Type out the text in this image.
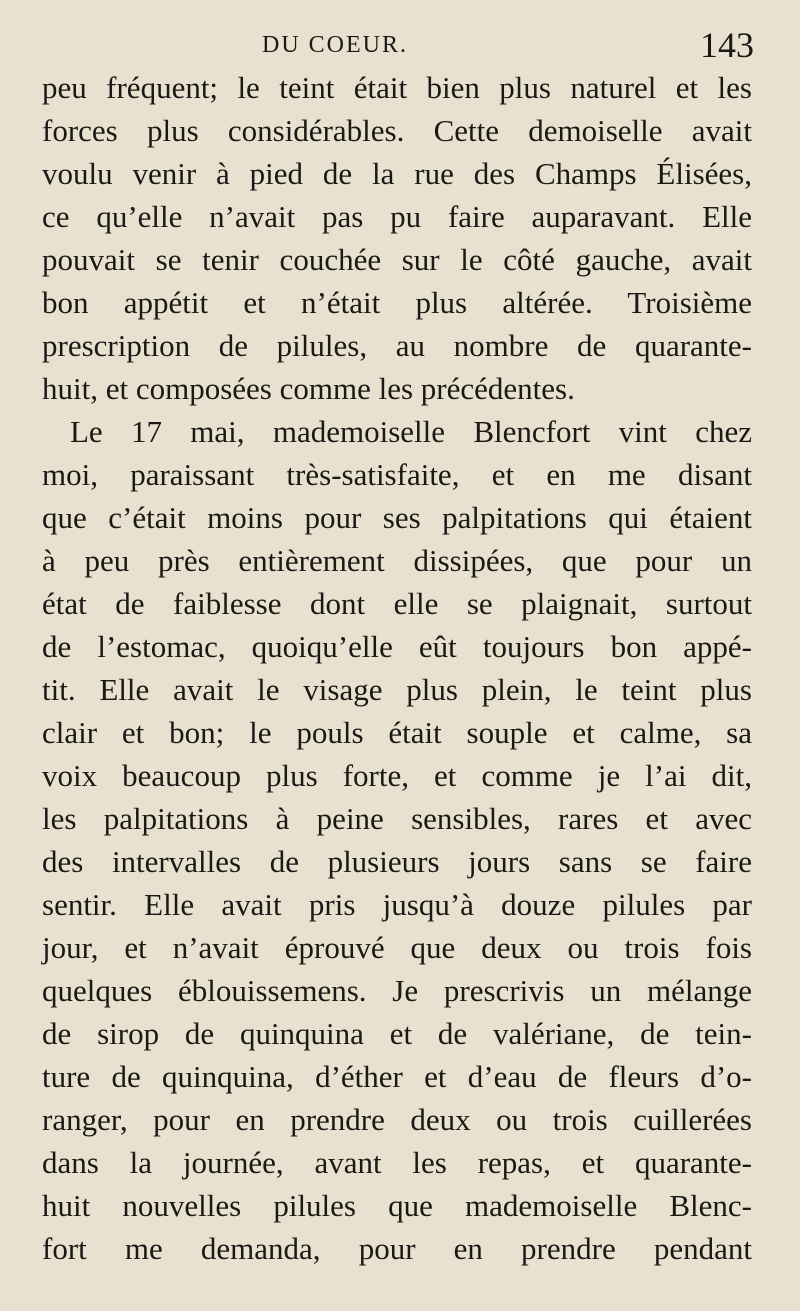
DU COEUR.	143
peu fréquent; le teint était bien plus naturel et les
forces plus considérables. Cette demoiselle avait
voulu venir à pied de la rue des Champs Élisées,
ce qu’elle n’avait pas pu faire auparavant. Elle
pouvait se tenir couchée sur le côté gauche, avait
bon appétit et n’était plus altérée. Troisième
prescription de pilules, au nombre de quarante-
huit, et composées comme les précédentes.
Le 17 mai, mademoiselle Blencfort vint chez
moi, paraissant très-satisfaite, et en me disant
que c’était moins pour ses palpitations qui étaient
à peu près entièrement dissipées, que pour un
état de faiblesse dont elle se plaignait, surtout
de l’estomac, quoiqu’elle eût toujours bon appé-
tit. Elle avait le visage plus plein, le teint plus
clair et bon; le pouls était souple et calme, sa
voix beaucoup plus forte, et comme je l’ai dit,
les palpitations à peine sensibles, rares et avec
des intervalles de plusieurs jours sans se faire
sentir. Elle avait pris jusqu’à douze pilules par
jour, et n’avait éprouvé que deux ou trois fois
quelques éblouissemens. Je prescrivis un mélange
de sirop de quinquina et de valériane, de tein-
ture de quinquina, d’éther et d’eau de fleurs d’o-
ranger, pour en prendre deux ou trois cuillerées
dans la journée, avant les repas, et quarante-
huit nouvelles pilules que mademoiselle Blenc-
fort me demanda, pour en prendre pendant
